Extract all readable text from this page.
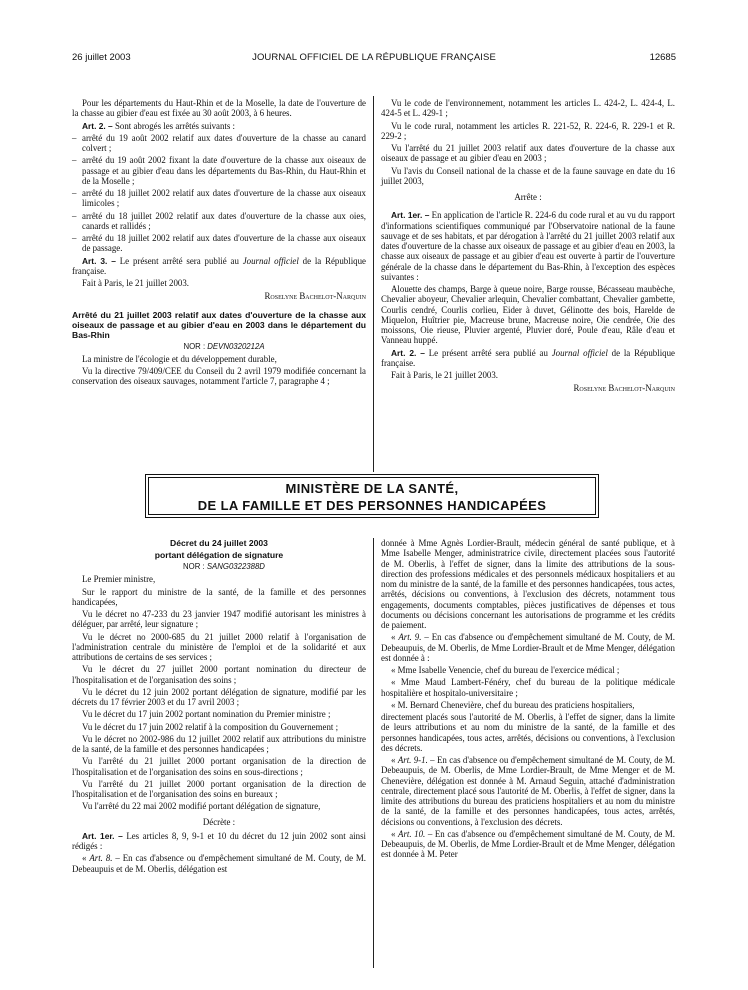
26 juillet 2003	JOURNAL OFFICIEL DE LA RÉPUBLIQUE FRANÇAISE	12685

Pour les départements du Haut-Rhin et de la Moselle, la date de l'ouverture de la chasse au gibier d'eau est fixée au 30 août 2003, à 6 heures.

Art. 2. – Sont abrogés les arrêtés suivants :

– arrêté du 19 août 2002 relatif aux dates d'ouverture de la chasse au canard colvert ;

– arrêté du 19 août 2002 fixant la date d'ouverture de la chasse aux oiseaux de passage et au gibier d'eau dans les départements du Bas-Rhin, du Haut-Rhin et de la Moselle ;

– arrêté du 18 juillet 2002 relatif aux dates d'ouverture de la chasse aux oiseaux limicoles ;

– arrêté du 18 juillet 2002 relatif aux dates d'ouverture de la chasse aux oies, canards et rallidés ;

– arrêté du 18 juillet 2002 relatif aux dates d'ouverture de la chasse aux oiseaux de passage.

Art. 3. – Le présent arrêté sera publié au Journal officiel de la République française.

Fait à Paris, le 21 juillet 2003.

Roselyne Bachelot-Narquin

Arrêté du 21 juillet 2003 relatif aux dates d'ouverture de la chasse aux oiseaux de passage et au gibier d'eau en 2003 dans le département du Bas-Rhin

NOR : DEVN0320212A

La ministre de l'écologie et du développement durable,

Vu la directive 79/409/CEE du Conseil du 2 avril 1979 modifiée concernant la conservation des oiseaux sauvages, notamment l'article 7, paragraphe 4 ;

Vu le code de l'environnement, notamment les articles L. 424-2, L. 424-4, L. 424-5 et L. 429-1 ;

Vu le code rural, notamment les articles R. 221-52, R. 224-6, R. 229-1 et R. 229-2 ;

Vu l'arrêté du 21 juillet 2003 relatif aux dates d'ouverture de la chasse aux oiseaux de passage et au gibier d'eau en 2003 ;

Vu l'avis du Conseil national de la chasse et de la faune sauvage en date du 16 juillet 2003,

Arrête :

Art. 1er. – En application de l'article R. 224-6 du code rural et au vu du rapport d'informations scientifiques communiqué par l'Observatoire national de la faune sauvage et de ses habitats, et par dérogation à l'arrêté du 21 juillet 2003 relatif aux dates d'ouverture de la chasse aux oiseaux de passage et au gibier d'eau en 2003, la chasse aux oiseaux de passage et au gibier d'eau est ouverte à partir de l'ouverture générale de la chasse dans le département du Bas-Rhin, à l'exception des espèces suivantes :

Alouette des champs, Barge à queue noire, Barge rousse, Bécasseau maubèche, Chevalier aboyeur, Chevalier arlequin, Chevalier combattant, Chevalier gambette, Courlis cendré, Courlis corlieu, Eider à duvet, Gélinotte des bois, Harelde de Miquelon, Huîtrier pie, Macreuse brune, Macreuse noire, Oie cendrée, Oie des moissons, Oie rieuse, Pluvier argenté, Pluvier doré, Poule d'eau, Râle d'eau et Vanneau huppé.

Art. 2. – Le présent arrêté sera publié au Journal officiel de la République française.

Fait à Paris, le 21 juillet 2003.

Roselyne Bachelot-Narquin

MINISTÈRE DE LA SANTÉ,
DE LA FAMILLE ET DES PERSONNES HANDICAPÉES
Décret du 24 juillet 2003
portant délégation de signature

NOR : SANG0322388D

Le Premier ministre,

Sur le rapport du ministre de la santé, de la famille et des personnes handicapées,

Vu le décret no 47-233 du 23 janvier 1947 modifié autorisant les ministres à déléguer, par arrêté, leur signature ;

Vu le décret no 2000-685 du 21 juillet 2000 relatif à l'organisation de l'administration centrale du ministère de l'emploi et de la solidarité et aux attributions de certains de ses services ;

Vu le décret du 27 juillet 2000 portant nomination du directeur de l'hospitalisation et de l'organisation des soins ;

Vu le décret du 12 juin 2002 portant délégation de signature, modifié par les décrets du 17 février 2003 et du 17 avril 2003 ;

Vu le décret du 17 juin 2002 portant nomination du Premier ministre ;

Vu le décret du 17 juin 2002 relatif à la composition du Gouvernement ;

Vu le décret no 2002-986 du 12 juillet 2002 relatif aux attributions du ministre de la santé, de la famille et des personnes handicapées ;

Vu l'arrêté du 21 juillet 2000 portant organisation de la direction de l'hospitalisation et de l'organisation des soins en sous-directions ;

Vu l'arrêté du 21 juillet 2000 portant organisation de la direction de l'hospitalisation et de l'organisation des soins en bureaux ;

Vu l'arrêté du 22 mai 2002 modifié portant délégation de signature,

Décrète :

Art. 1er. – Les articles 8, 9, 9-1 et 10 du décret du 12 juin 2002 sont ainsi rédigés :

« Art. 8. – En cas d'absence ou d'empêchement simultané de M. Couty, de M. Debeaupuis et de M. Oberlis, délégation est

donnée à Mme Agnès Lordier-Brault, médecin général de santé publique, et à Mme Isabelle Menger, administratrice civile, directement placées sous l'autorité de M. Oberlis, à l'effet de signer, dans la limite des attributions de la sous-direction des professions médicales et des personnels médicaux hospitaliers et au nom du ministre de la santé, de la famille et des personnes handicapées, tous actes, arrêtés, décisions ou conventions, à l'exclusion des décrets, notamment tous engagements, documents comptables, pièces justificatives de dépenses et tous documents ou décisions concernant les autorisations de programme et les crédits de paiement.

« Art. 9. – En cas d'absence ou d'empêchement simultané de M. Couty, de M. Debeaupuis, de M. Oberlis, de Mme Lordier-Brault et de Mme Menger, délégation est donnée à :

« Mme Isabelle Venencie, chef du bureau de l'exercice médical ;

« Mme Maud Lambert-Fénéry, chef du bureau de la politique médicale hospitalière et hospitalo-universitaire ;

« M. Bernard Chenevière, chef du bureau des praticiens hospitaliers,

directement placés sous l'autorité de M. Oberlis, à l'effet de signer, dans la limite de leurs attributions et au nom du ministre de la santé, de la famille et des personnes handicapées, tous actes, arrêtés, décisions ou conventions, à l'exclusion des décrets.

« Art. 9-1. – En cas d'absence ou d'empêchement simultané de M. Couty, de M. Debeaupuis, de M. Oberlis, de Mme Lordier-Brault, de Mme Menger et de M. Chenevière, délégation est donnée à M. Arnaud Seguin, attaché d'administration centrale, directement placé sous l'autorité de M. Oberlis, à l'effet de signer, dans la limite des attributions du bureau des praticiens hospitaliers et au nom du ministre de la santé, de la famille et des personnes handicapées, tous actes, arrêtés, décisions ou conventions, à l'exclusion des décrets.

« Art. 10. – En cas d'absence ou d'empêchement simultané de M. Couty, de M. Debeaupuis, de M. Oberlis, de Mme Lordier-Brault et de Mme Menger, délégation est donnée à M. Peter
